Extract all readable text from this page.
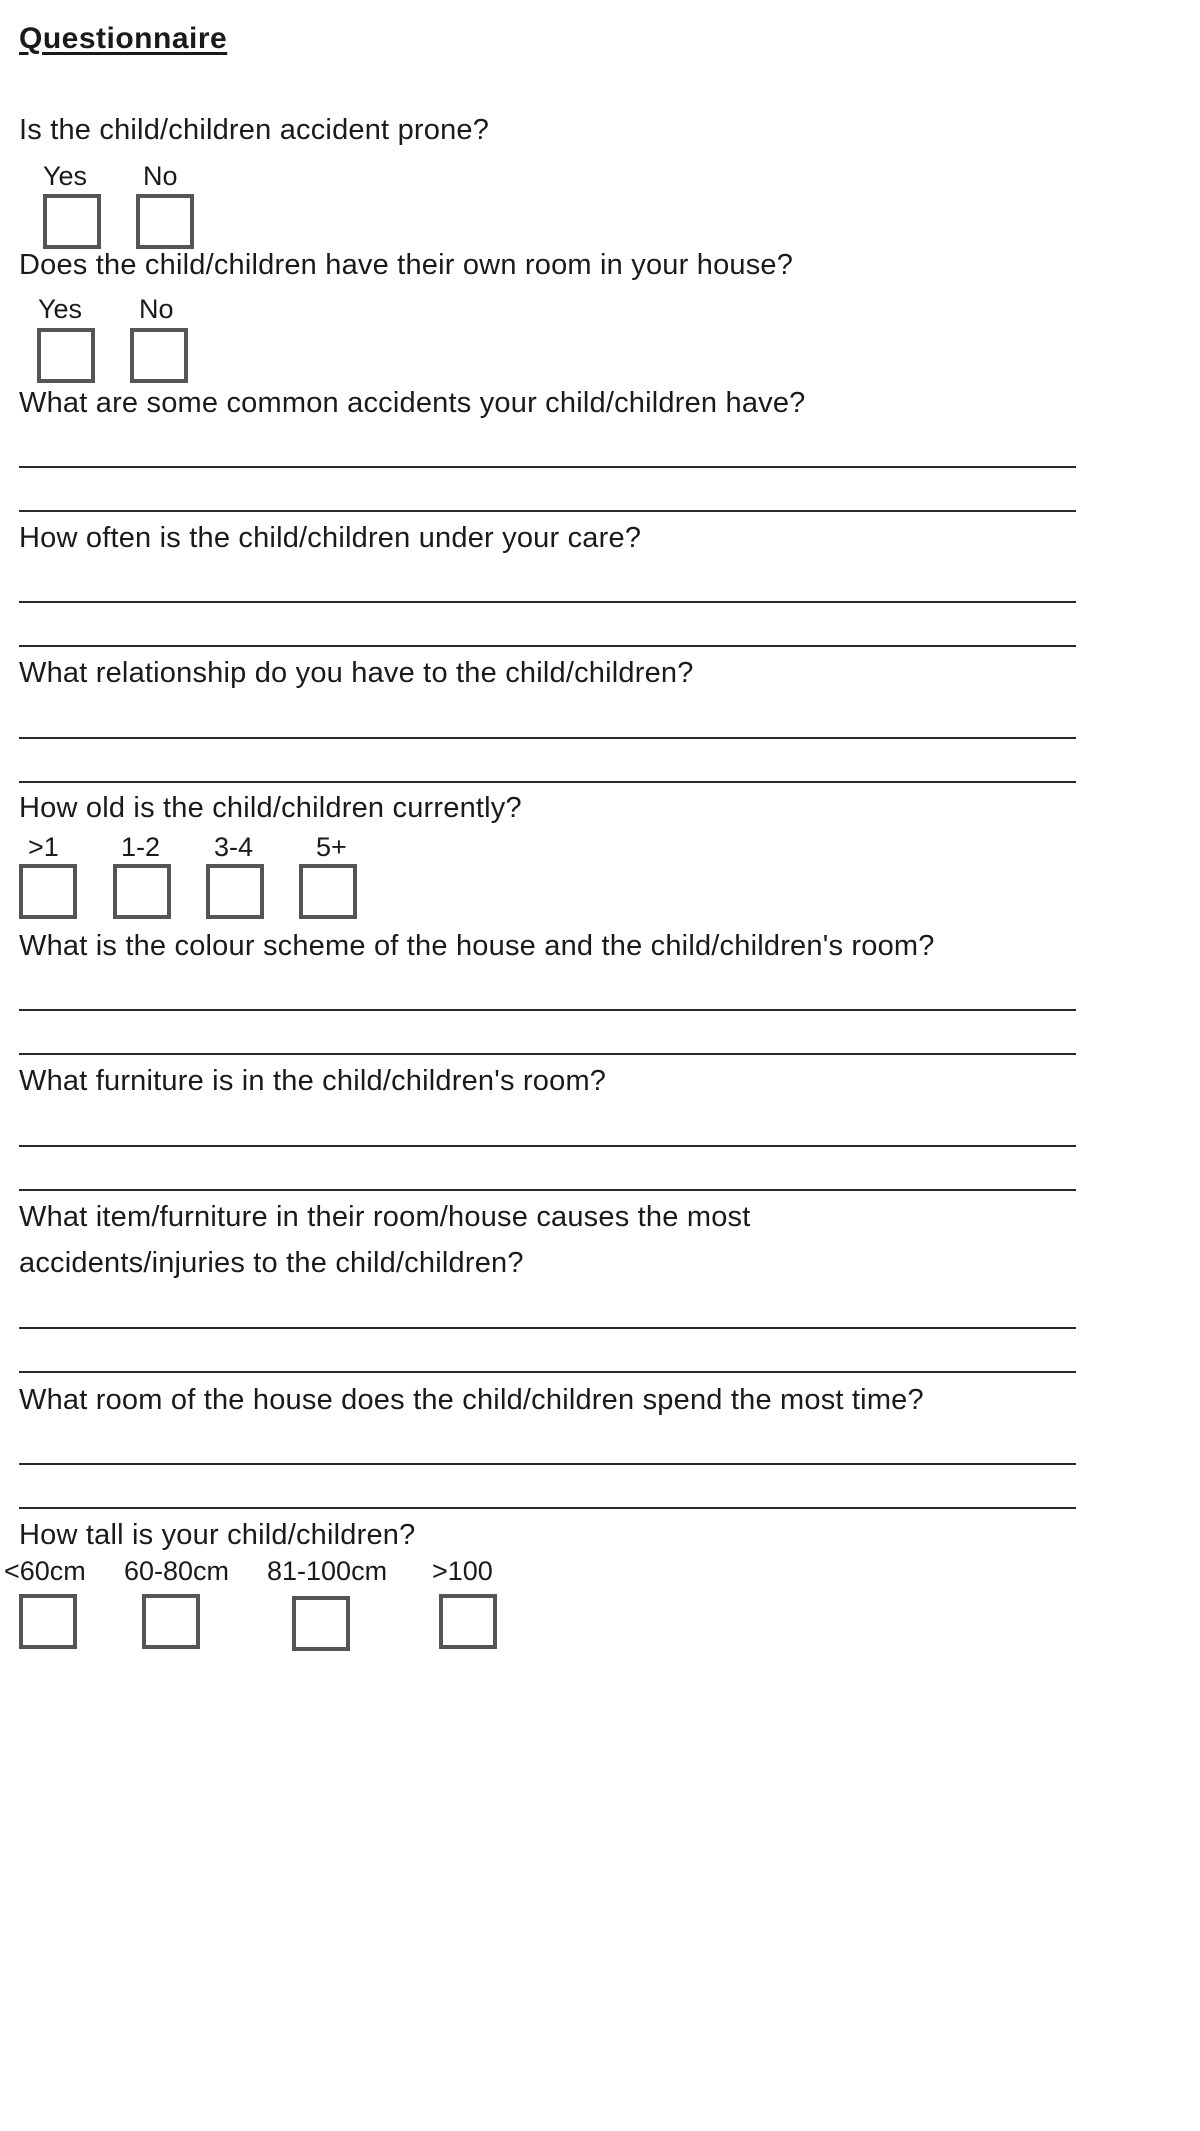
Questionnaire
Is the child/children accident prone?
Yes No
Does the child/children have their own room in your house?
Yes No
What are some common accidents your child/children have?
How often is the child/children under your care?
What relationship do you have to the child/children?
How old is the child/children currently?
>1 1-2 3-4 5+
What is the colour scheme of the house and the child/children's room?
What furniture is in the child/children's room?
What item/furniture in their room/house causes the most
accidents/injuries to the child/children?
What room of the house does the child/children spend the most time?
How tall is your child/children?
<60cm 60-80cm 81-100cm >100
